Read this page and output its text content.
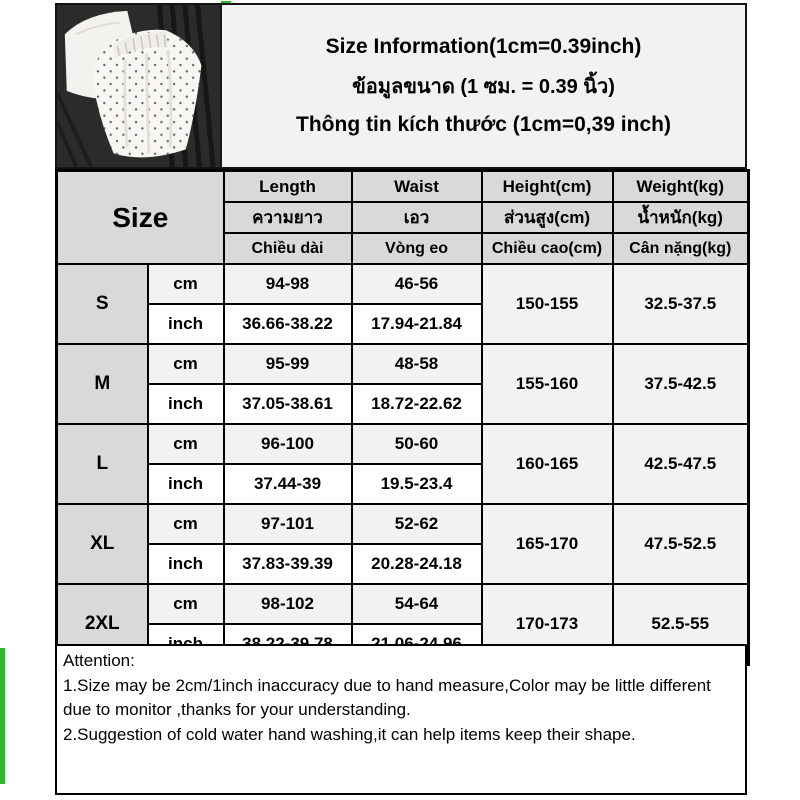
Size Information(1cm=0.39inch)
ข้อมูลขนาด (1 ซม. = 0.39 นิ้ว)
Thông tin kích thước (1cm=0,39 inch)
Size		Length	Waist	Height(cm)	Weight(kg)
		ความยาว	เอว	ส่วนสูง(cm)	น้ำหนัก(kg)
		Chiều dài	Vòng eo	Chiều cao(cm)	Cân nặng(kg)
S	cm	94-98	46-56	150-155	32.5-37.5
	inch	36.66-38.22	17.94-21.84		
M	cm	95-99	48-58	155-160	37.5-42.5
	inch	37.05-38.61	18.72-22.62		
L	cm	96-100	50-60	160-165	42.5-47.5
	inch	37.44-39	19.5-23.4		
XL	cm	97-101	52-62	165-170	47.5-52.5
	inch	37.83-39.39	20.28-24.18		
2XL	cm	98-102	54-64	170-173	52.5-55

Attention:
1.Size may be 2cm/1inch inaccuracy due to hand measure,Color may be little different
due to monitor ,thanks for your understanding.
2.Suggestion of cold water hand washing,it can help items keep their shape.
